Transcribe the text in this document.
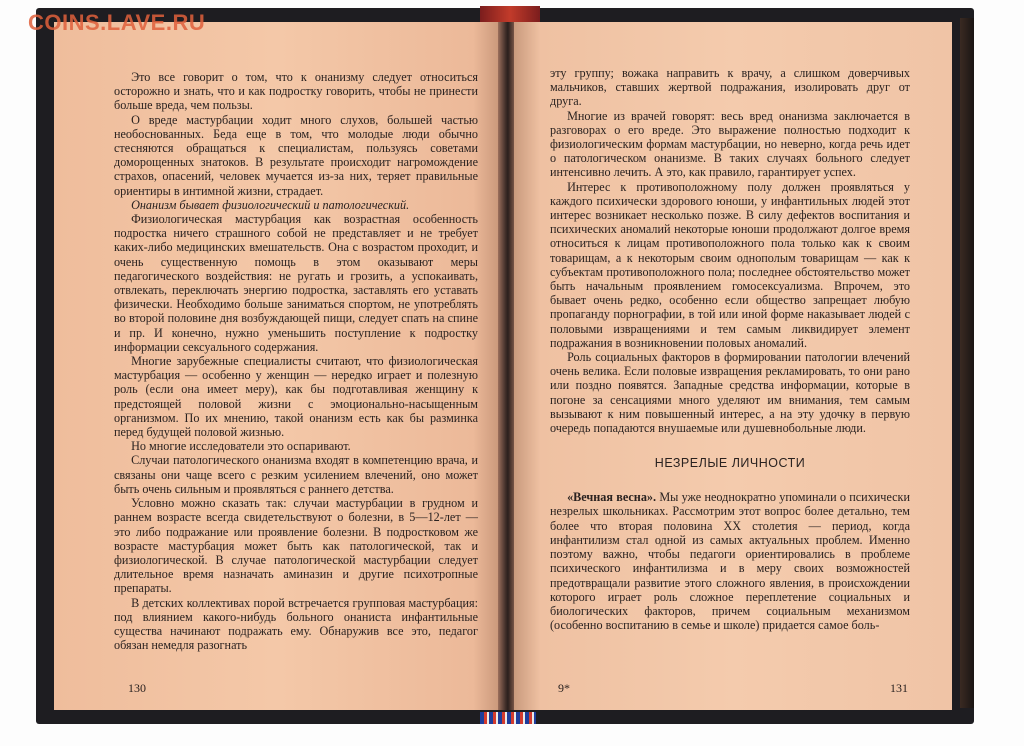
Это все говорит о том, что к онанизму следует относиться осторожно и знать, что и как подростку говорить, чтобы не принести больше вреда, чем пользы.

О вреде мастурбации ходит много слухов, большей частью необоснованных. Беда еще в том, что молодые люди обычно стесняются обращаться к специалистам, пользуясь советами доморощенных знатоков. В результате происходит нагромождение страхов, опасений, человек мучается из-за них, теряет правильные ориентиры в интимной жизни, страдает.

Онанизм бывает физиологический и патологический.

Физиологическая мастурбация как возрастная особенность подростка ничего страшного собой не представляет и не требует каких-либо медицинских вмешательств. Она с возрастом проходит, и очень существенную помощь в этом оказывают меры педагогического воздействия: не ругать и грозить, а успокаивать, отвлекать, переключать энергию подростка, заставлять его уставать физически. Необходимо больше заниматься спортом, не употреблять во второй половине дня возбуждающей пищи, следует спать на спине и пр. И конечно, нужно уменьшить поступление к подростку информации сексуального содержания.

Многие зарубежные специалисты считают, что физиологическая мастурбация — особенно у женщин — нередко играет и полезную роль (если она имеет меру), как бы подготавливая женщину к предстоящей половой жизни с эмоционально-насыщенным организмом. По их мнению, такой онанизм есть как бы разминка перед будущей половой жизнью.

Но многие исследователи это оспаривают.

Случаи патологического онанизма входят в компетенцию врача, и связаны они чаще всего с резким усилением влечений, оно может быть очень сильным и проявляться с раннего детства.

Условно можно сказать так: случаи мастурбации в грудном и раннем возрасте всегда свидетельствуют о болезни, в 5—12-лет — это либо подражание или проявление болезни. В подростковом же возрасте мастурбация может быть как патологической, так и физиологической. В случае патологической мастурбации следует длительное время назначать аминазин и другие психотропные препараты.

В детских коллективах порой встречается групповая мастурбация: под влиянием какого-нибудь больного онаниста инфантильные существа начинают подражать ему. Обнаружив все это, педагог обязан немедля разогнать

130

эту группу; вожака направить к врачу, а слишком доверчивых мальчиков, ставших жертвой подражания, изолировать друг от друга.

Многие из врачей говорят: весь вред онанизма заключается в разговорах о его вреде. Это выражение полностью подходит к физиологическим формам мастурбации, но неверно, когда речь идет о патологическом онанизме. В таких случаях больного следует интенсивно лечить. А это, как правило, гарантирует успех.

Интерес к противоположному полу должен проявляться у каждого психически здорового юноши, у инфантильных людей этот интерес возникает несколько позже. В силу дефектов воспитания и психических аномалий некоторые юноши продолжают долгое время относиться к лицам противоположного пола только как к своим товарищам, а к некоторым своим однополым товарищам — как к субъектам противоположного пола; последнее обстоятельство может быть начальным проявлением гомосексуализма. Впрочем, это бывает очень редко, особенно если общество запрещает любую пропаганду порнографии, в той или иной форме наказывает людей с половыми извращениями и тем самым ликвидирует элемент подражания в возникновении половых аномалий.

Роль социальных факторов в формировании патологии влечений очень велика. Если половые извращения рекламировать, то они рано или поздно появятся. Западные средства информации, которые в погоне за сенсациями много уделяют им внимания, тем самым вызывают к ним повышенный интерес, а на эту удочку в первую очередь попадаются внушаемые или душевнобольные люди.

НЕЗРЕЛЫЕ ЛИЧНОСТИ

«Вечная весна». Мы уже неоднократно упоминали о психически незрелых школьниках. Рассмотрим этот вопрос более детально, тем более что вторая половина XX столетия — период, когда инфантилизм стал одной из самых актуальных проблем. Именно поэтому важно, чтобы педагоги ориентировались в проблеме психического инфантилизма и в меру своих возможностей предотвращали развитие этого сложного явления, в происхождении которого играет роль сложное переплетение социальных и биологических факторов, причем социальным механизмом (особенно воспитанию в семье и школе) придается самое боль-

9*	131
COINS.LAVE.RU
